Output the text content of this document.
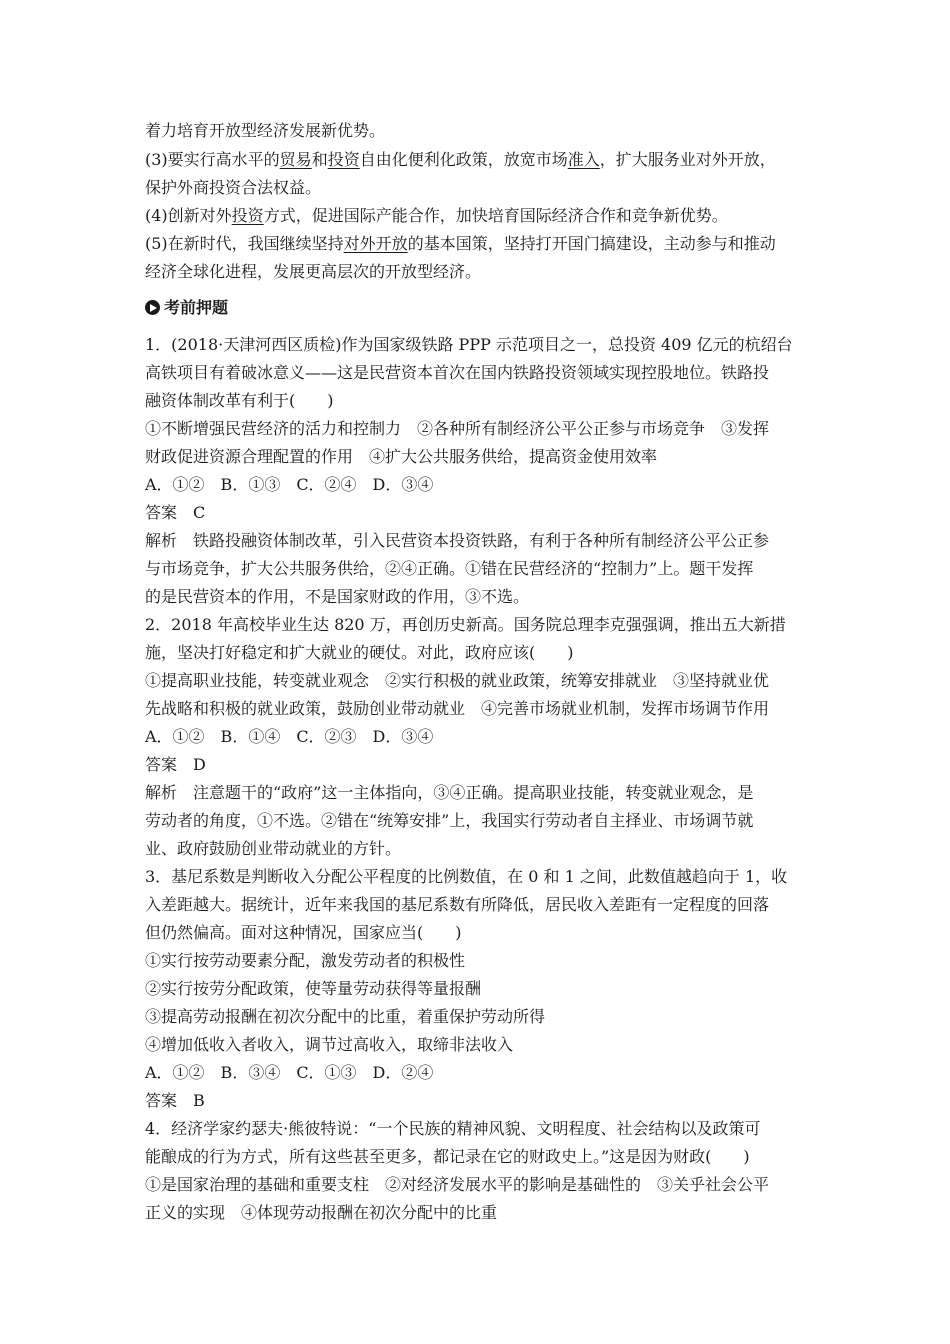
着力培育开放型经济发展新优势。
(3)要实行高水平的贸易和投资自由化便利化政策，放宽市场准入，扩大服务业对外开放，
保护外商投资合法权益。
(4)创新对外投资方式，促进国际产能合作，加快培育国际经济合作和竞争新优势。
(5)在新时代，我国继续坚持对外开放的基本国策，坚持打开国门搞建设，主动参与和推动
经济全球化进程，发展更高层次的开放型经济。
考前押题
1．(2018·天津河西区质检)作为国家级铁路 PPP 示范项目之一，总投资 409 亿元的杭绍台
高铁项目有着破冰意义——这是民营资本首次在国内铁路投资领域实现控股地位。铁路投
融资体制改革有利于(　　)
①不断增强民营经济的活力和控制力　②各种所有制经济公平公正参与市场竞争　③发挥
财政促进资源合理配置的作用　④扩大公共服务供给，提高资金使用效率
A．①②　B．①③　C．②④　D．③④
答案　C
解析　铁路投融资体制改革，引入民营资本投资铁路，有利于各种所有制经济公平公正参
与市场竞争，扩大公共服务供给，②④正确。①错在民营经济的“控制力”上。题干发挥
的是民营资本的作用，不是国家财政的作用，③不选。
2．2018 年高校毕业生达 820 万，再创历史新高。国务院总理李克强强调，推出五大新措
施，坚决打好稳定和扩大就业的硬仗。对此，政府应该(　　)
①提高职业技能，转变就业观念　②实行积极的就业政策，统筹安排就业　③坚持就业优
先战略和积极的就业政策，鼓励创业带动就业　④完善市场就业机制，发挥市场调节作用
A．①②　B．①④　C．②③　D．③④
答案　D
解析　注意题干的“政府”这一主体指向，③④正确。提高职业技能，转变就业观念，是
劳动者的角度，①不选。②错在“统筹安排”上，我国实行劳动者自主择业、市场调节就
业、政府鼓励创业带动就业的方针。
3．基尼系数是判断收入分配公平程度的比例数值，在 0 和 1 之间，此数值越趋向于 1，收
入差距越大。据统计，近年来我国的基尼系数有所降低，居民收入差距有一定程度的回落
但仍然偏高。面对这种情况，国家应当(　　)
①实行按劳动要素分配，激发劳动者的积极性
②实行按劳分配政策，使等量劳动获得等量报酬
③提高劳动报酬在初次分配中的比重，着重保护劳动所得
④增加低收入者收入，调节过高收入，取缔非法收入
A．①②　B．③④　C．①③　D．②④
答案　B
4．经济学家约瑟夫·熊彼特说：“一个民族的精神风貌、文明程度、社会结构以及政策可
能酿成的行为方式，所有这些甚至更多，都记录在它的财政史上。”这是因为财政(　　)
①是国家治理的基础和重要支柱　②对经济发展水平的影响是基础性的　③关乎社会公平
正义的实现　④体现劳动报酬在初次分配中的比重
